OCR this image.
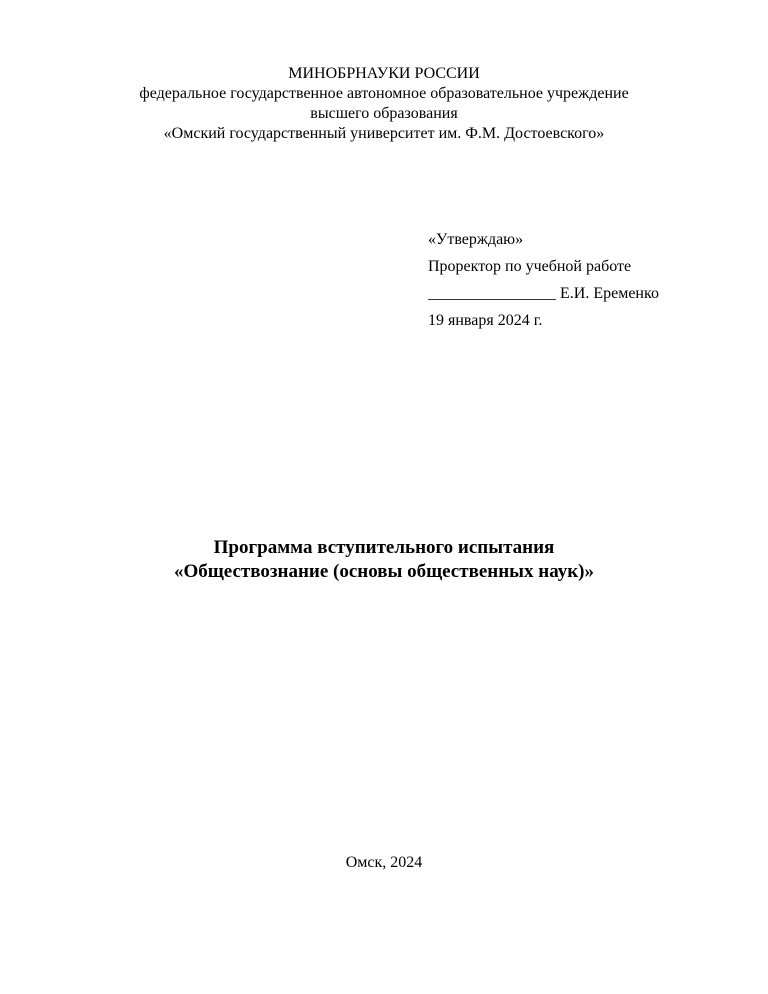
МИНОБРНАУКИ РОССИИ
федеральное государственное автономное образовательное учреждение
высшего образования
«Омский государственный университет им. Ф.М. Достоевского»
«Утверждаю»
Проректор по учебной работе
________________ Е.И. Еременко
19 января 2024 г.
Программа вступительного испытания
«Обществознание (основы общественных наук)»
Омск, 2024
